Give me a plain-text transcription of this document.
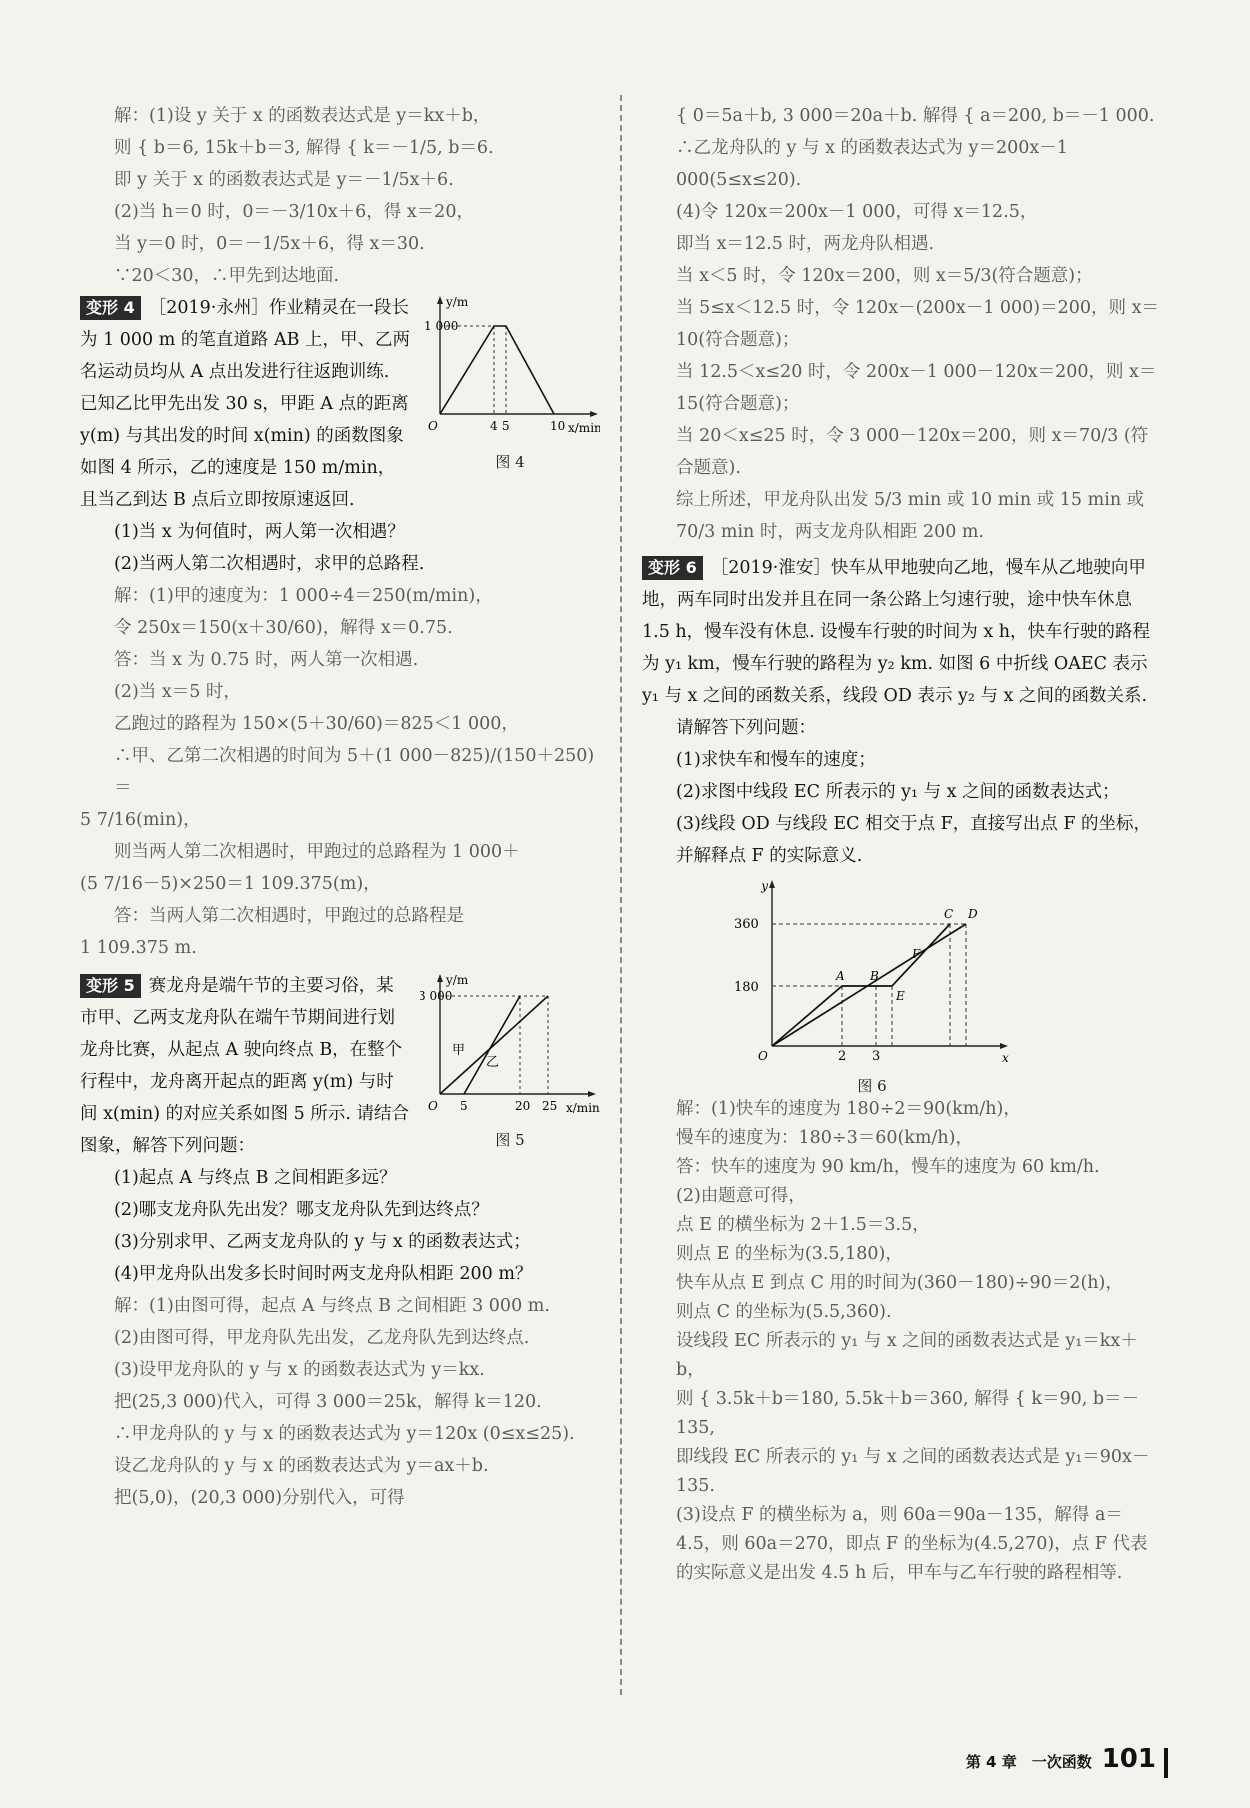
解：(1)设 y 关于 x 的函数表达式是 y＝kx＋b，

则 { b＝6, 15k＋b＝3, 解得 { k＝－1/5, b＝6.

即 y 关于 x 的函数表达式是 y＝－1/5x＋6.

(2)当 h＝0 时，0＝－3/10x＋6，得 x＝20，

当 y＝0 时，0＝－1/5x＋6，得 x＝30.

∵20＜30，∴甲先到达地面.

y/m
x/min
1 000
O	4 5	10
图 4

变形 4 ［2019·永州］作业精灵在一段长为 1 000 m 的笔直道路 AB 上，甲、乙两名运动员均从 A 点出发进行往返跑训练. 已知乙比甲先出发 30 s，甲距 A 点的距离 y(m) 与其出发的时间 x(min) 的函数图象如图 4 所示，乙的速度是 150 m/min，且当乙到达 B 点后立即按原速返回.

(1)当 x 为何值时，两人第一次相遇？

(2)当两人第二次相遇时，求甲的总路程.

解：(1)甲的速度为：1 000÷4＝250(m/min)，

令 250x＝150(x＋30/60)，解得 x＝0.75.

答：当 x 为 0.75 时，两人第一次相遇.

(2)当 x＝5 时，

乙跑过的路程为 150×(5＋30/60)＝825＜1 000，

∴甲、乙第二次相遇的时间为 5＋(1 000－825)/(150＋250)＝

5 7/16(min)，

则当两人第二次相遇时，甲跑过的总路程为 1 000＋

(5 7/16－5)×250＝1 109.375(m)，

答：当两人第二次相遇时，甲跑过的总路程是

1 109.375 m.

y/m
x/min
3 000
O 5	20 25
甲
乙
图 5

变形 5 赛龙舟是端午节的主要习俗，某市甲、乙两支龙舟队在端午节期间进行划龙舟比赛，从起点 A 驶向终点 B，在整个行程中，龙舟离开起点的距离 y(m) 与时间 x(min) 的对应关系如图 5 所示. 请结合图象，解答下列问题：

(1)起点 A 与终点 B 之间相距多远？

(2)哪支龙舟队先出发？哪支龙舟队先到达终点？

(3)分别求甲、乙两支龙舟队的 y 与 x 的函数表达式；

(4)甲龙舟队出发多长时间时两支龙舟队相距 200 m？

解：(1)由图可得，起点 A 与终点 B 之间相距 3 000 m.

(2)由图可得，甲龙舟队先出发，乙龙舟队先到达终点.

(3)设甲龙舟队的 y 与 x 的函数表达式为 y＝kx.

把(25,3 000)代入，可得 3 000＝25k，解得 k＝120.

∴甲龙舟队的 y 与 x 的函数表达式为 y＝120x (0≤x≤25).

设乙龙舟队的 y 与 x 的函数表达式为 y＝ax＋b.

把(5,0)，(20,3 000)分别代入，可得

{ 0＝5a＋b, 3 000＝20a＋b. 解得 { a＝200, b＝－1 000.

∴乙龙舟队的 y 与 x 的函数表达式为 y＝200x－1 000(5≤x≤20).

(4)令 120x＝200x－1 000，可得 x＝12.5，

即当 x＝12.5 时，两龙舟队相遇.

当 x＜5 时，令 120x＝200，则 x＝5/3(符合题意)；

当 5≤x＜12.5 时，令 120x－(200x－1 000)＝200，则 x＝10(符合题意)；

当 12.5＜x≤20 时，令 200x－1 000－120x＝200，则 x＝15(符合题意)；

当 20＜x≤25 时，令 3 000－120x＝200，则 x＝70/3 (符合题意).

综上所述，甲龙舟队出发 5/3 min 或 10 min 或 15 min 或 70/3 min 时，两支龙舟队相距 200 m.

变形 6 ［2019·淮安］快车从甲地驶向乙地，慢车从乙地驶向甲地，两车同时出发并且在同一条公路上匀速行驶，途中快车休息 1.5 h，慢车没有休息. 设慢车行驶的时间为 x h，快车行驶的路程为 y₁ km，慢车行驶的路程为 y₂ km. 如图 6 中折线 OAEC 表示 y₁ 与 x 之间的函数关系，线段 OD 表示 y₂ 与 x 之间的函数关系.

请解答下列问题：

(1)求快车和慢车的速度；

(2)求图中线段 EC 所表示的 y₁ 与 x 之间的函数表达式；

(3)线段 OD 与线段 EC 相交于点 F，直接写出点 F 的坐标，并解释点 F 的实际意义.

y
x
360
180
O	2 3
A B
E
F
C D
图 6

解：(1)快车的速度为 180÷2＝90(km/h)，

慢车的速度为：180÷3＝60(km/h)，

答：快车的速度为 90 km/h，慢车的速度为 60 km/h.

(2)由题意可得，

点 E 的横坐标为 2＋1.5＝3.5，

则点 E 的坐标为(3.5,180)，

快车从点 E 到点 C 用的时间为(360－180)÷90＝2(h)，

则点 C 的坐标为(5.5,360).

设线段 EC 所表示的 y₁ 与 x 之间的函数表达式是 y₁＝kx＋b，

则 { 3.5k＋b＝180, 5.5k＋b＝360, 解得 { k＝90, b＝－135,

即线段 EC 所表示的 y₁ 与 x 之间的函数表达式是 y₁＝90x－135.

(3)设点 F 的横坐标为 a，则 60a＝90a－135，解得 a＝4.5，则 60a＝270，即点 F 的坐标为(4.5,270)，点 F 代表的实际意义是出发 4.5 h 后，甲车与乙车行驶的路程相等.

第 4 章　一次函数 101
